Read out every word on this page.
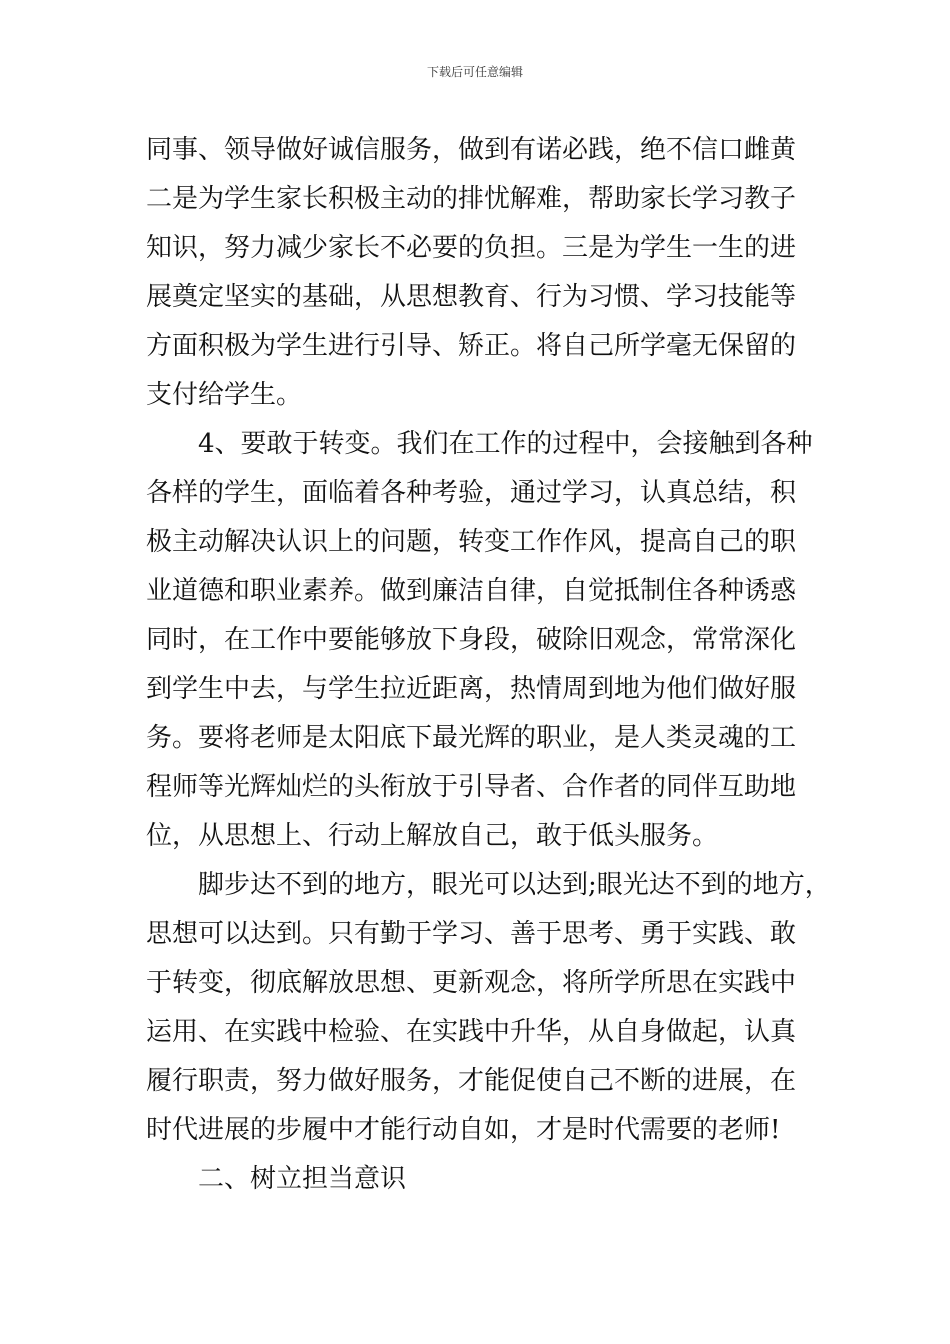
下载后可任意编辑
同事、领导做好诚信服务，做到有诺必践，绝不信口雌黄
二是为学生家长积极主动的排忧解难，帮助家长学习教子
知识，努力减少家长不必要的负担。三是为学生一生的进
展奠定坚实的基础，从思想教育、行为习惯、学习技能等
方面积极为学生进行引导、矫正。将自己所学毫无保留的
支付给学生。
4、要敢于转变。我们在工作的过程中，会接触到各种
各样的学生，面临着各种考验，通过学习，认真总结，积
极主动解决认识上的问题，转变工作作风，提高自己的职
业道德和职业素养。做到廉洁自律，自觉抵制住各种诱惑
同时，在工作中要能够放下身段，破除旧观念，常常深化
到学生中去，与学生拉近距离，热情周到地为他们做好服
务。要将老师是太阳底下最光辉的职业，是人类灵魂的工
程师等光辉灿烂的头衔放于引导者、合作者的同伴互助地
位，从思想上、行动上解放自己，敢于低头服务。
脚步达不到的地方，眼光可以达到;眼光达不到的地方，
思想可以达到。只有勤于学习、善于思考、勇于实践、敢
于转变，彻底解放思想、更新观念，将所学所思在实践中
运用、在实践中检验、在实践中升华，从自身做起，认真
履行职责，努力做好服务，才能促使自己不断的进展，在
时代进展的步履中才能行动自如，才是时代需要的老师!
二、树立担当意识
